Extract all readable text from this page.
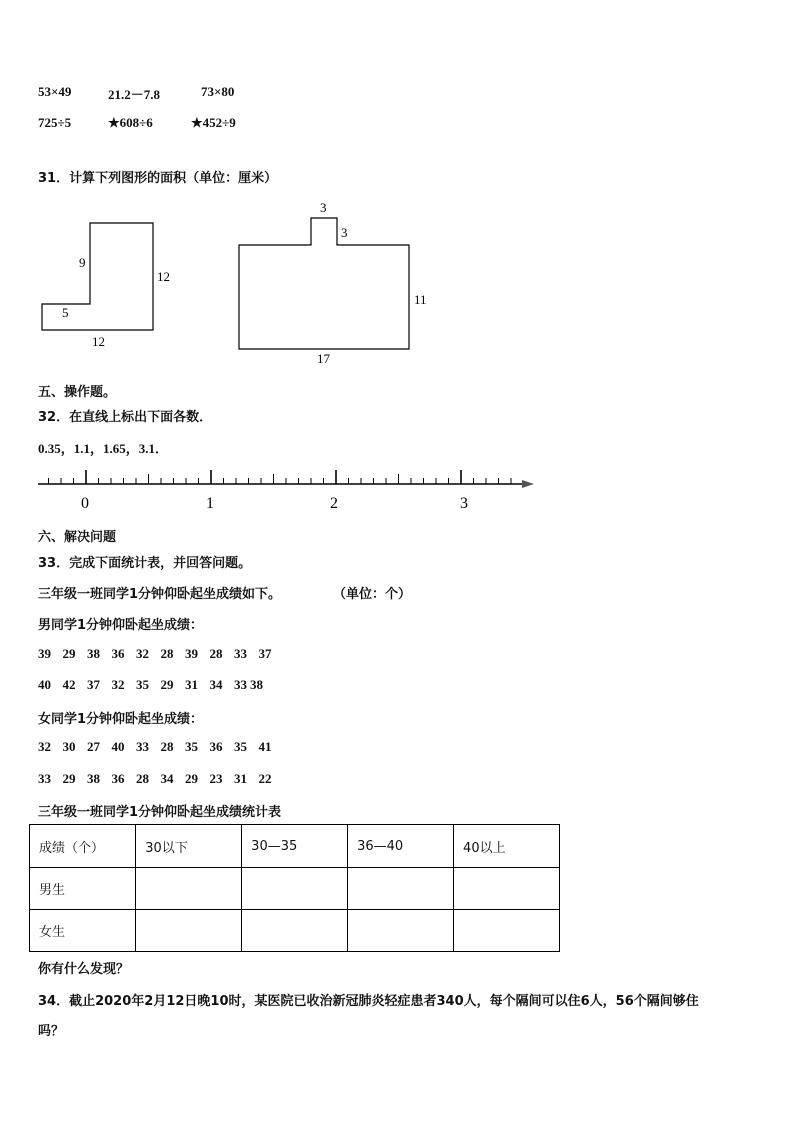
53×49	21.2－7.8	73×80
725÷5	★608÷6	★452÷9
31．计算下列图形的面积（单位：厘米）
9
12
5
12
3
3
11
17
五、操作题。
32．在直线上标出下面各数．
0.35，1.1，1.65，3.1．
0	1	2	3
六、解决问题
33．完成下面统计表，并回答问题。
三年级一班同学1分钟仰卧起坐成绩如下。	（单位：个）
男同学1分钟仰卧起坐成绩：
39 29 38 36 32 28 39 28 33 37
40 42 37 32 35 29 31 34 33 38
女同学1分钟仰卧起坐成绩：
32 30 27 40 33 28 35 36 35 41
33 29 38 36 28 34 29 23 31 22
三年级一班同学1分钟仰卧起坐成绩统计表
成绩（个）	30以下	30—35	36—40	40以上
男生				
女生				
你有什么发现？
34．截止2020年2月12日晚10时，某医院已收治新冠肺炎轻症患者340人，每个隔间可以住6人，56个隔间够住
吗？
